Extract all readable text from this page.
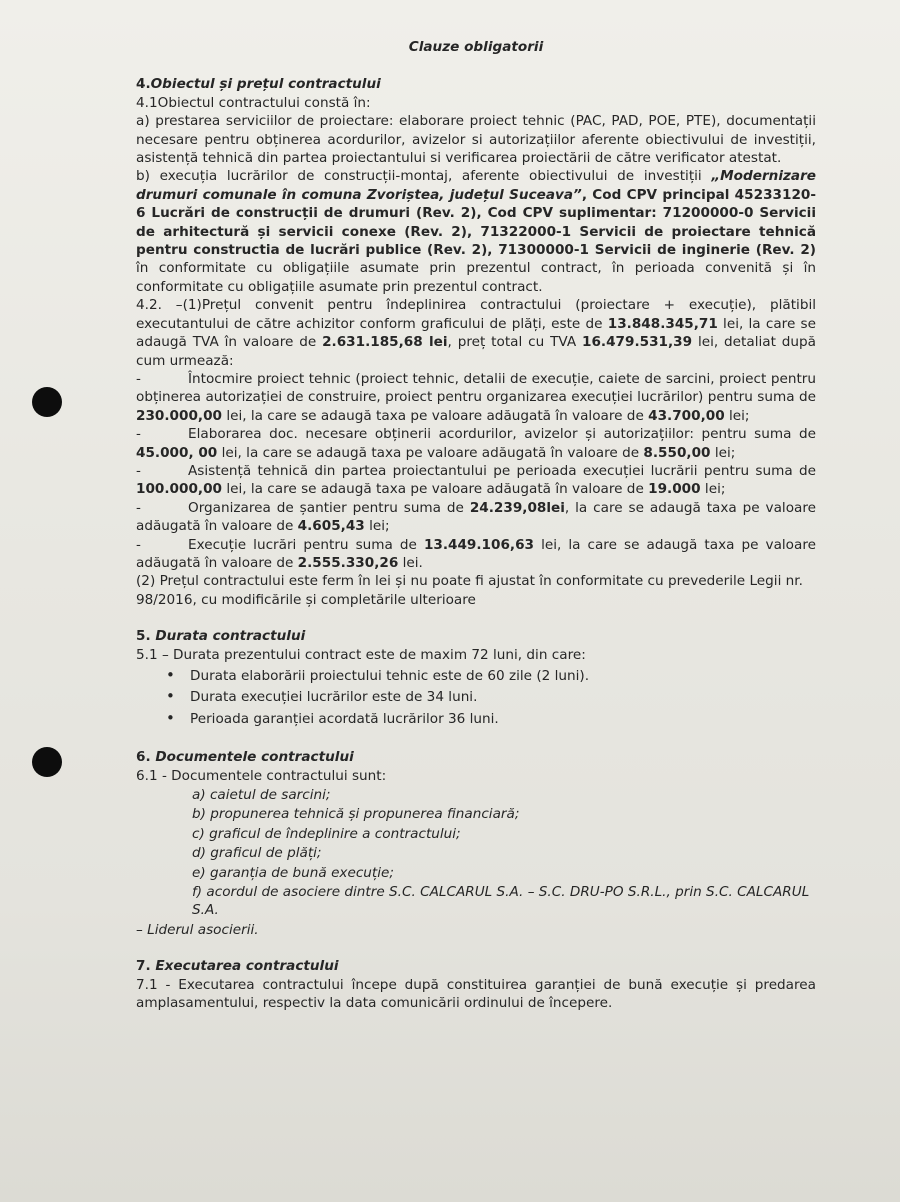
Clauze obligatorii

4.Obiectul și prețul contractului

4.1Obiectul contractului constă în:

a) prestarea serviciilor de proiectare: elaborare proiect tehnic (PAC, PAD, POE, PTE), documentații necesare pentru obținerea acordurilor, avizelor si autorizațiilor aferente obiectivului de investiții, asistență tehnică din partea proiectantului si verificarea proiectării de către verificator atestat.

b) execuția lucrărilor de construcții-montaj, aferente obiectivului de investiții „Modernizare drumuri comunale în comuna Zvoriștea, județul Suceava”, Cod CPV principal 45233120-6 Lucrări de construcții de drumuri (Rev. 2), Cod CPV suplimentar: 71200000-0 Servicii de arhitectură și servicii conexe (Rev. 2), 71322000-1 Servicii de proiectare tehnică pentru constructia de lucrări publice (Rev. 2), 71300000-1 Servicii de inginerie (Rev. 2) în conformitate cu obligațiile asumate prin prezentul contract, în perioada convenită și în conformitate cu obligațiile asumate prin prezentul contract.

4.2. –(1)Prețul convenit pentru îndeplinirea contractului (proiectare + execuție), plătibil executantului de către achizitor conform graficului de plăți, este de 13.848.345,71 lei, la care se adaugă TVA în valoare de 2.631.185,68 lei, preț total cu TVA 16.479.531,39 lei, detaliat după cum urmează:

-	Întocmire proiect tehnic (proiect tehnic, detalii de execuție, caiete de sarcini, proiect pentru obținerea autorizației de construire, proiect pentru organizarea execuției lucrărilor) pentru suma de 230.000,00 lei, la care se adaugă taxa pe valoare adăugată în valoare de 43.700,00 lei;

-	Elaborarea doc. necesare obținerii acordurilor, avizelor și autorizațiilor: pentru suma de 45.000, 00 lei, la care se adaugă taxa pe valoare adăugată în valoare de 8.550,00 lei;

-	Asistență tehnică din partea proiectantului pe perioada execuției lucrării pentru suma de 100.000,00 lei, la care se adaugă taxa pe valoare adăugată în valoare de 19.000 lei;

-	Organizarea de șantier pentru suma de 24.239,08lei, la care se adaugă taxa pe valoare adăugată în valoare de 4.605,43 lei;

-	Execuție lucrări pentru suma de 13.449.106,63 lei, la care se adaugă taxa pe valoare adăugată în valoare de 2.555.330,26 lei.

(2) Prețul contractului este ferm în lei și nu poate fi ajustat în conformitate cu prevederile Legii nr. 98/2016, cu modificările și completările ulterioare

5. Durata contractului

5.1 – Durata prezentului contract este de maxim 72 luni, din care:

• Durata elaborării proiectului tehnic este de 60 zile (2 luni).
• Durata execuției lucrărilor este de 34 luni.
• Perioada garanției acordată lucrărilor 36 luni.

6. Documentele contractului

6.1 - Documentele contractului sunt:

a) caietul de sarcini;

b) propunerea tehnică și propunerea financiară;

c) graficul de îndeplinire a contractului;

d) graficul de plăți;

e) garanția de bună execuție;

f) acordul de asociere dintre S.C. CALCARUL S.A. – S.C. DRU-PO S.R.L., prin S.C. CALCARUL S.A.

– Liderul asocierii.

7. Executarea contractului

7.1 - Executarea contractului începe după constituirea garanției de bună execuție și predarea amplasamentului, respectiv la data comunicării ordinului de începere.
